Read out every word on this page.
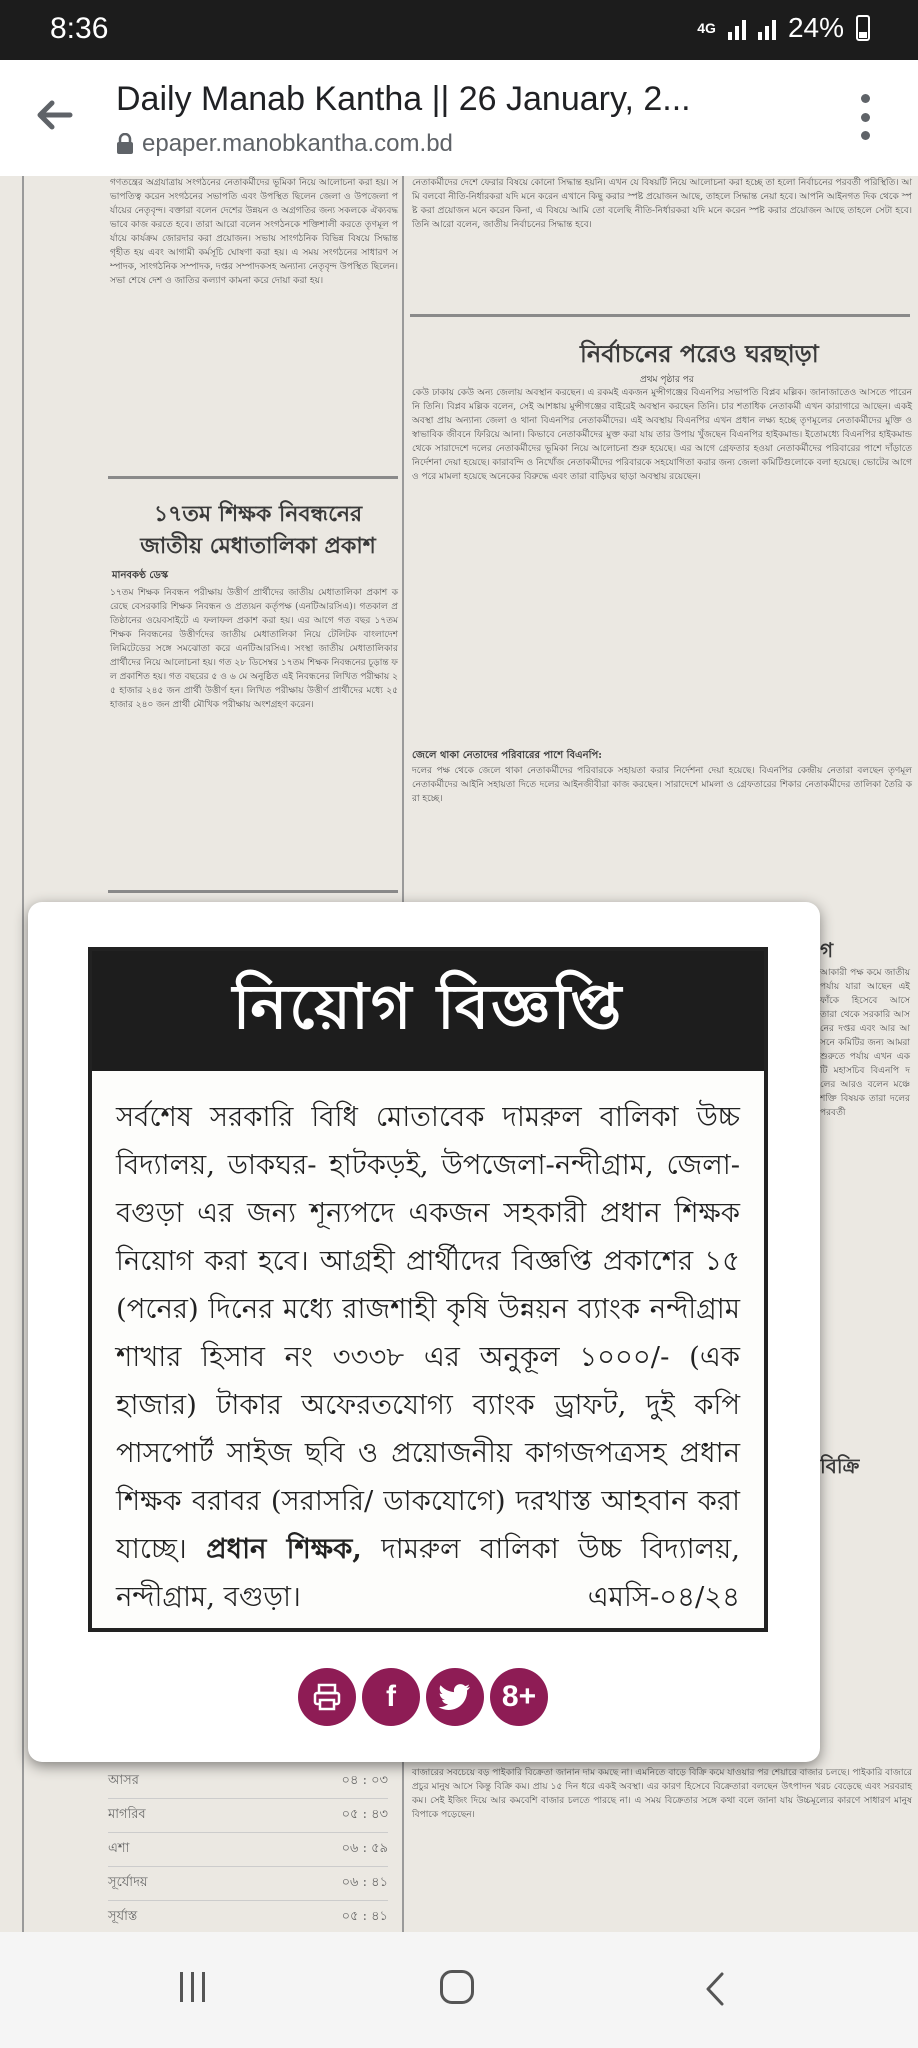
8:36	4G	24%
Daily Manab Kantha || 26 January, 2...
epaper.manobkantha.com.bd
গণতন্ত্রের অগ্রযাত্রায় সংগঠনের নেতাকর্মীদের ভূমিকা নিয়ে আলোচনা করা হয়। সভাপতিত্ব করেন সংগঠনের সভাপতি এবং উপস্থিত ছিলেন জেলা ও উপজেলা পর্যায়ের নেতৃবৃন্দ। বক্তারা বলেন দেশের উন্নয়ন ও অগ্রগতির জন্য সকলকে ঐক্যবদ্ধভাবে কাজ করতে হবে। তারা আরো বলেন সংগঠনকে শক্তিশালী করতে তৃণমূল পর্যায়ে কার্যক্রম জোরদার করা প্রয়োজন। সভায় সাংগঠনিক বিভিন্ন বিষয়ে সিদ্ধান্ত গৃহীত হয় এবং আগামী কর্মসূচি ঘোষণা করা হয়। এ সময় সংগঠনের সাধারণ সম্পাদক, সাংগঠনিক সম্পাদক, দপ্তর সম্পাদকসহ অন্যান্য নেতৃবৃন্দ উপস্থিত ছিলেন। সভা শেষে দেশ ও জাতির কল্যাণ কামনা করে দোয়া করা হয়।
১৭তম শিক্ষক নিবন্ধনের
জাতীয় মেধাতালিকা প্রকাশ
মানবকণ্ঠ ডেস্ক
১৭তম শিক্ষক নিবন্ধন পরীক্ষায় উত্তীর্ণ প্রার্থীদের জাতীয় মেধাতালিকা প্রকাশ করেছে বেসরকারি শিক্ষক নিবন্ধন ও প্রত্যয়ন কর্তৃপক্ষ (এনটিআরসিএ)। গতকাল প্রতিষ্ঠানের ওয়েবসাইটে এ ফলাফল প্রকাশ করা হয়। এর আগে গত বছর ১৭তম শিক্ষক নিবন্ধনের উত্তীর্ণদের জাতীয় মেধাতালিকা নিয়ে টেলিটক বাংলাদেশ লিমিটেডের সঙ্গে সমঝোতা করে এনটিআরসিএ। সংস্থা জাতীয় মেধাতালিকার প্রার্থীদের নিয়ে আলোচনা হয়। গত ২৮ ডিসেম্বর ১৭তম শিক্ষক নিবন্ধনের চূড়ান্ত ফল প্রকাশিত হয়। গত বছরের ৫ ও ৬ মে অনুষ্ঠিত এই নিবন্ধনের লিখিত পরীক্ষায় ২৫ হাজার ২৪৫ জন প্রার্থী উত্তীর্ণ হন। লিখিত পরীক্ষায় উত্তীর্ণ প্রার্থীদের মধ্যে ২৫ হাজার ২৪০ জন প্রার্থী মৌখিক পরীক্ষায় অংশগ্রহণ করেন।
নেতাকর্মীদের দেশে ফেরার বিষয়ে কোনো সিদ্ধান্ত হয়নি। এখন যে বিষয়টি নিয়ে আলোচনা করা হচ্ছে তা হলো নির্বাচনের পরবর্তী পরিস্থিতি। আমি বলবো নীতি-নির্ধারকরা যদি মনে করেন এখানে কিছু করার স্পষ্ট প্রয়োজন আছে, তাহলে সিদ্ধান্ত নেয়া হবে। আপনি আইনগত দিক থেকে স্পষ্ট করা প্রয়োজন মনে করেন কিনা, এ বিষয়ে আমি তো বলেছি নীতি-নির্ধারকরা যদি মনে করেন স্পষ্ট করার প্রয়োজন আছে তাহলে সেটা হবে। তিনি আরো বলেন, জাতীয় নির্বাচনের সিদ্ধান্ত হবে।
নির্বাচনের পরেও ঘরছাড়া
প্রথম পৃষ্ঠার পর
কেউ ঢাকায় কেউ অন্য জেলায় অবস্থান করছেন। এ রকমই একজন মুন্সীগঞ্জের বিএনপির সভাপতি বিপ্লব মল্লিক। জানাজাতেও আসতে পারেননি তিনি। বিপ্লব মল্লিক বলেন, সেই আশঙ্কায় মুন্সীগঞ্জের বাইরেই অবস্থান করছেন তিনি। চার শতাধিক নেতাকর্মী এখন কারাগারে আছেন। একই অবস্থা প্রায় অন্যান্য জেলা ও থানা বিএনপির নেতাকর্মীদের। এই অবস্থায় বিএনপির এখন প্রধান লক্ষ্য হচ্ছে তৃণমূলের নেতাকর্মীদের মুক্তি ও স্বাভাবিক জীবনে ফিরিয়ে আনা। কিভাবে নেতাকর্মীদের মুক্ত করা যায় তার উপায় খুঁজছেন বিএনপির হাইকমান্ড। ইতোমধ্যে বিএনপির হাইকমান্ড থেকে সারাদেশে দলের নেতাকর্মীদের ভূমিকা নিয়ে আলোচনা শুরু হয়েছে। এর আগে গ্রেফতার হওয়া নেতাকর্মীদের পরিবারের পাশে দাঁড়াতে নির্দেশনা দেয়া হয়েছে। কারাবন্দি ও নিখোঁজ নেতাকর্মীদের পরিবারকে সহযোগিতা করার জন্য জেলা কমিটিগুলোকে বলা হয়েছে। ভোটের আগে ও পরে মামলা হয়েছে অনেকের বিরুদ্ধে এবং তারা বাড়িঘর ছাড়া অবস্থায় রয়েছেন।
জেলে থাকা নেতাদের পরিবারের পাশে বিএনপি:
দলের পক্ষ থেকে জেলে থাকা নেতাকর্মীদের পরিবারকে সহায়তা করার নির্দেশনা দেয়া হয়েছে। বিএনপির কেন্দ্রীয় নেতারা বলছেন তৃণমূল নেতাকর্মীদের আইনি সহায়তা দিতে দলের আইনজীবীরা কাজ করছেন। সারাদেশে মামলা ও গ্রেফতারের শিকার নেতাকর্মীদের তালিকা তৈরি করা হচ্ছে।
গ
আকারী পক্ষ কমে জাতীয় পর্যায় যারা আছেন এই ফাঁকে হিসেবে আসে তারা থেকে সরকারি আসনের দপ্তর এবং আর আসনে কমিটির জন্য আমরা শুরুতে পর্যায় এখন একটি মহাসচিব বিএনপি দলের আরও বলেন মঞ্চে শক্তি বিষয়ক তারা দলের পরবর্তী
বিক্রি
বাজারের সবচেয়ে বড় পাইকারি বিক্রেতা জানান দাম কমছে না। এমনিতে বাড়ে বিক্রি কমে যাওয়ার পর শেয়ারে বাজার চলছে। পাইকারি বাজারে প্রচুর মানুষ আসে কিন্তু বিক্রি কম। প্রায় ১৫ দিন ধরে একই অবস্থা। এর কারণ হিসেবে বিক্রেতারা বলছেন উৎপাদন খরচ বেড়েছে এবং সরবরাহ কম। সেই ইজিং দিয়ে আর কমবেশি বাজার চলতে পারছে না। এ সময় বিক্রেতার সঙ্গে কথা বলে জানা যায় উচ্চমূল্যের কারণে সাধারণ মানুষ বিপাকে পড়েছেন।
আসর	০৪ : ০৩
মাগরিব	০৫ : ৪৩
এশা	০৬ : ৫৯
সূর্যোদয়	০৬ : ৪১
সূর্যাস্ত	০৫ : ৪১
নিয়োগ বিজ্ঞপ্তি
সর্বশেষ সরকারি বিধি মোতাবেক দামরুল বালিকা উচ্চ বিদ্যালয়, ডাকঘর- হাটকড়ই, উপজেলা-নন্দীগ্রাম, জেলা-বগুড়া এর জন্য শূন্যপদে একজন সহকারী প্রধান শিক্ষক নিয়োগ করা হবে। আগ্রহী প্রার্থীদের বিজ্ঞপ্তি প্রকাশের ১৫ (পনের) দিনের মধ্যে রাজশাহী কৃষি উন্নয়ন ব্যাংক নন্দীগ্রাম শাখার হিসাব নং ৩৩৩৮ এর অনুকূল ১০০০/- (এক হাজার) টাকার অফেরতযোগ্য ব্যাংক ড্রাফট, দুই কপি পাসপোর্ট সাইজ ছবি ও প্রয়োজনীয় কাগজপত্রসহ প্রধান শিক্ষক বরাবর (সরাসরি/ ডাকযোগে) দরখাস্ত আহবান করা যাচ্ছে। প্রধান শিক্ষক, দামরুল বালিকা উচ্চ বিদ্যালয়, নন্দীগ্রাম, বগুড়া।	এমসি-০৪/২৪
f	8+
